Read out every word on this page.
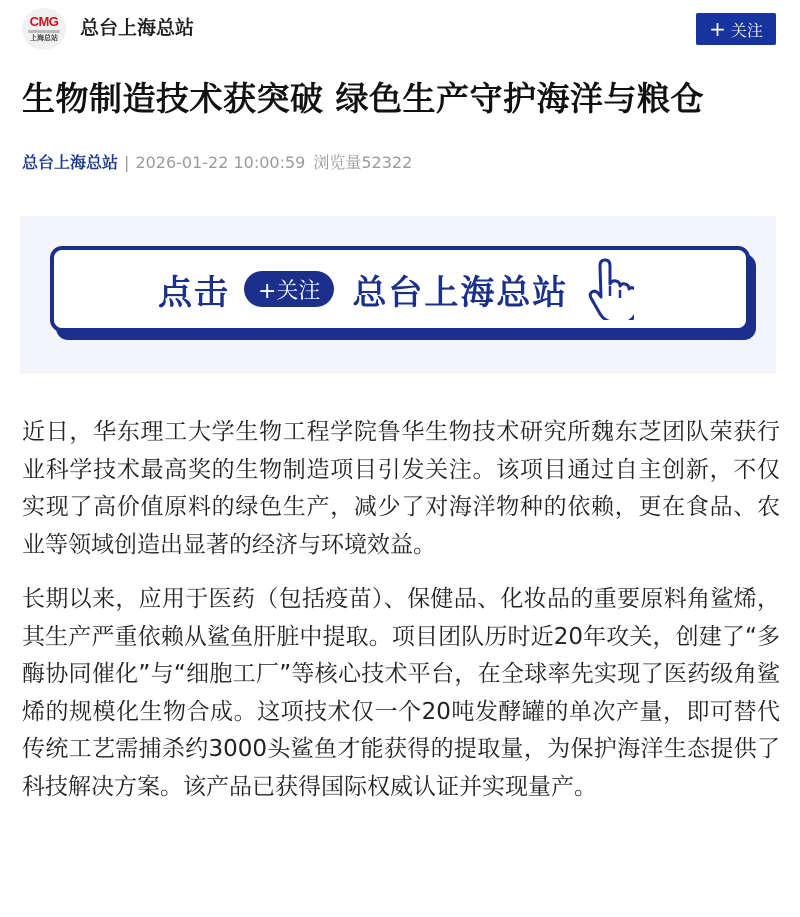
CMG
上海总站 总台上海总站	+ 关注
生物制造技术获突破 绿色生产守护海洋与粮仓
总台上海总站 | 2026-01-22 10:00:59 浏览量52322
点击	+关注 总台上海总站

近日，华东理工大学生物工程学院鲁华生物技术研究所魏东芝团队荣获行业科学技术最高奖的生物制造项目引发关注。该项目通过自主创新，不仅实现了高价值原料的绿色生产，减少了对海洋物种的依赖，更在食品、农业等领域创造出显著的经济与环境效益。

长期以来，应用于医药（包括疫苗）、保健品、化妆品的重要原料角鲨烯，其生产严重依赖从鲨鱼肝脏中提取。项目团队历时近20年攻关，创建了“多酶协同催化”与“细胞工厂”等核心技术平台，在全球率先实现了医药级角鲨烯的规模化生物合成。这项技术仅一个20吨发酵罐的单次产量，即可替代传统工艺需捕杀约3000头鲨鱼才能获得的提取量，为保护海洋生态提供了科技解决方案。该产品已获得国际权威认证并实现量产。
